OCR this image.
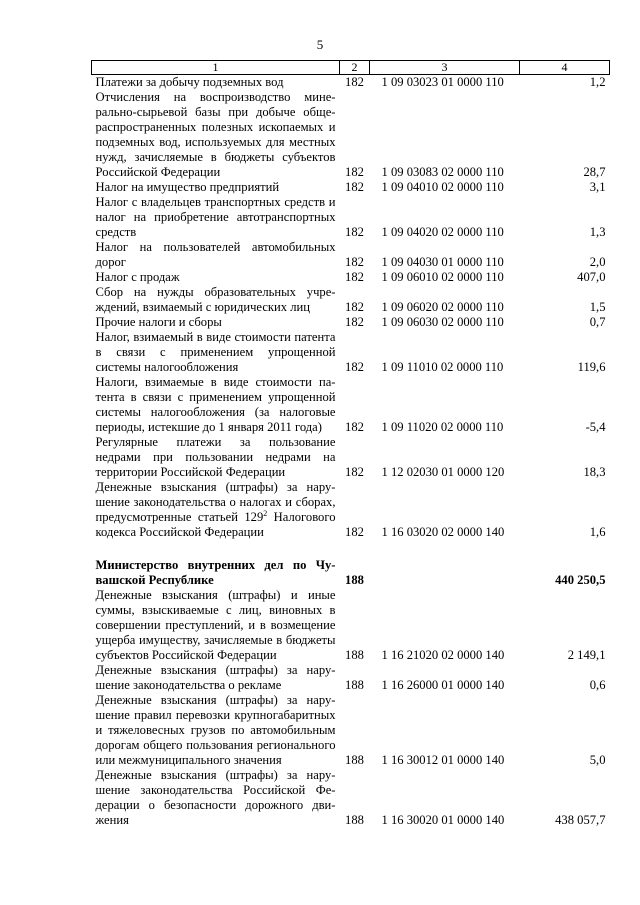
5
1	2	3	4
Платежи за добычу подземных вод	182	1 09 03023 01 0000 110	1,2
Отчисления на воспроизводство минерально-сырьевой базы при добыче общераспространенных полезных ископаемых и подземных вод, используемых для местных нужд, зачисляемые в бюджеты субъектов Российской Федерации	182	1 09 03083 02 0000 110	28,7
Налог на имущество предприятий	182	1 09 04010 02 0000 110	3,1
Налог с владельцев транспортных средств и налог на приобретение автотранспортных средств	182	1 09 04020 02 0000 110	1,3
Налог на пользователей автомобильных дорог	182	1 09 04030 01 0000 110	2,0
Налог с продаж	182	1 09 06010 02 0000 110	407,0
Сбор на нужды образовательных учреждений, взимаемый с юридических лиц	182	1 09 06020 02 0000 110	1,5
Прочие налоги и сборы	182	1 09 06030 02 0000 110	0,7
Налог, взимаемый в виде стоимости патента в связи с применением упрощенной системы налогообложения	182	1 09 11010 02 0000 110	119,6
Налоги, взимаемые в виде стоимости патента в связи с применением упрощенной системы налогообложения (за налоговые периоды, истекшие до 1 января 2011 года)	182	1 09 11020 02 0000 110	-5,4
Регулярные платежи за пользование недрами при пользовании недрами на территории Российской Федерации	182	1 12 02030 01 0000 120	18,3
Денежные взыскания (штрафы) за нарушение законодательства о налогах и сборах, предусмотренные статьей $129^2$ Налогового кодекса Российской Федерации	182	1 16 03020 02 0000 140	1,6

Министерство внутренних дел по Чувашской Республике	188		440 250,5
Денежные взыскания (штрафы) и иные суммы, взыскиваемые с лиц, виновных в совершении преступлений, и в возмещение ущерба имуществу, зачисляемые в бюджеты субъектов Российской Федерации	188	1 16 21020 02 0000 140	2 149,1
Денежные взыскания (штрафы) за нарушение законодательства о рекламе	188	1 16 26000 01 0000 140	0,6
Денежные взыскания (штрафы) за нарушение правил перевозки крупногабаритных и тяжеловесных грузов по автомобильным дорогам общего пользования регионального или межмуниципального значения	188	1 16 30012 01 0000 140	5,0
Денежные взыскания (штрафы) за нарушение законодательства Российской Федерации о безопасности дорожного движения	188	1 16 30020 01 0000 140	438 057,7
